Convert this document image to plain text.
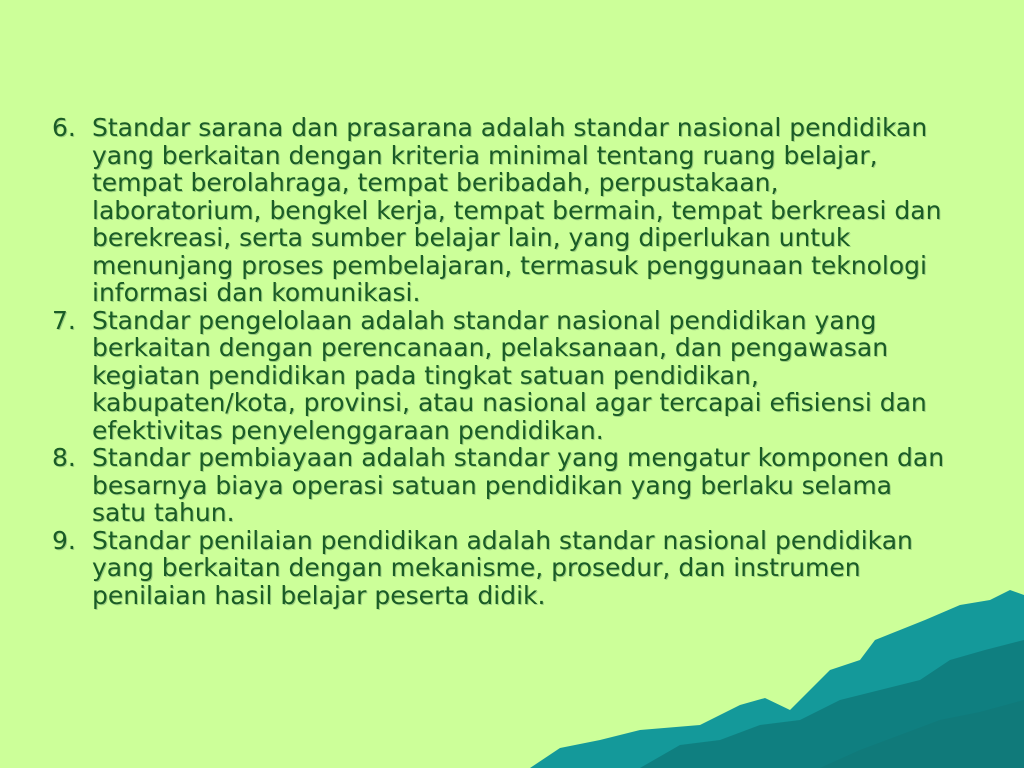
6. Standar sarana dan prasarana adalah standar nasional pendidikan yang berkaitan dengan kriteria minimal tentang ruang belajar, tempat berolahraga, tempat beribadah, perpustakaan, laboratorium, bengkel kerja, tempat bermain, tempat berkreasi dan berekreasi, serta sumber belajar lain, yang diperlukan untuk menunjang proses pembelajaran, termasuk penggunaan teknologi informasi dan komunikasi.
7. Standar pengelolaan adalah standar nasional pendidikan yang berkaitan dengan perencanaan, pelaksanaan, dan pengawasan kegiatan pendidikan pada tingkat satuan pendidikan, kabupaten/kota, provinsi, atau nasional agar tercapai efisiensi dan efektivitas penyelenggaraan pendidikan.
8. Standar pembiayaan adalah standar yang mengatur komponen dan besarnya biaya operasi satuan pendidikan yang berlaku selama satu tahun.
9. Standar penilaian pendidikan adalah standar nasional pendidikan yang berkaitan dengan mekanisme, prosedur, dan instrumen penilaian hasil belajar peserta didik.
